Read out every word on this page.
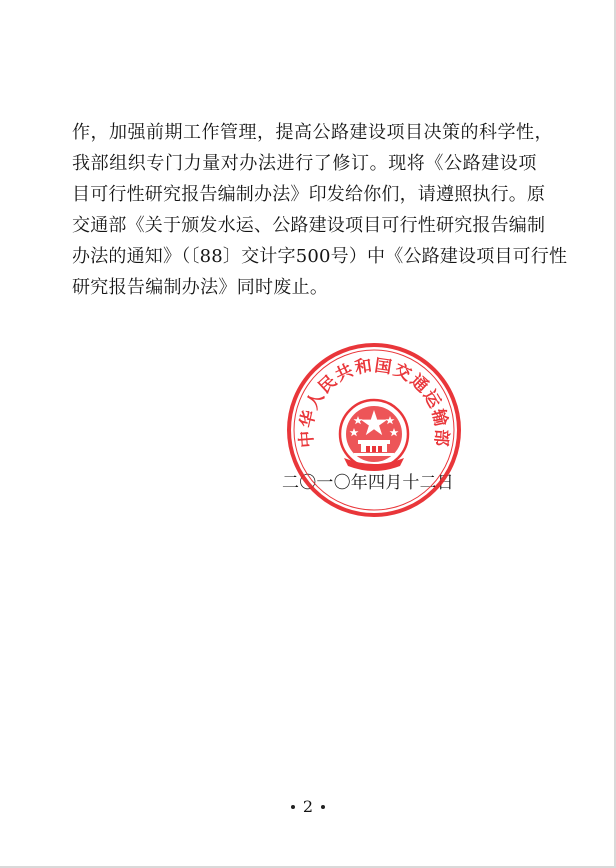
作，加强前期工作管理，提高公路建设项目决策的科学性，
我部组织专门力量对办法进行了修订。现将《公路建设项
目可行性研究报告编制办法》印发给你们，请遵照执行。原
交通部《关于颁发水运、公路建设项目可行性研究报告编制
办法的通知》（〔88〕交计字500号）中《公路建设项目可行性
研究报告编制办法》同时废止。
二〇一〇年四月十二日
中华人民共和国交通运输部
2
